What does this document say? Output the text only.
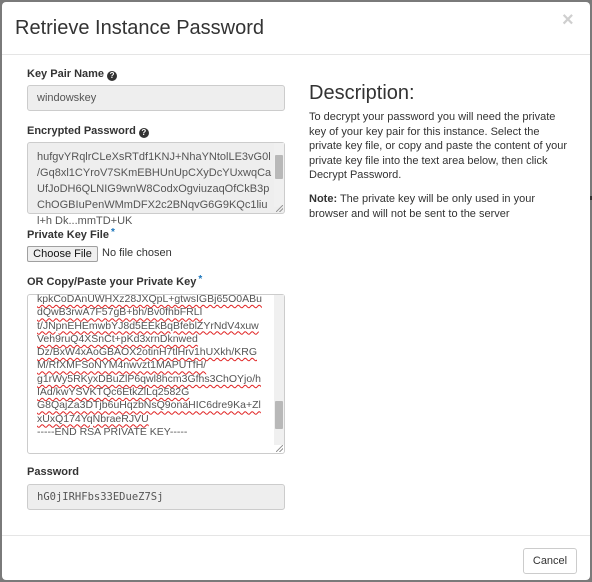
Retrieve Instance Password	×
Key Pair Name ?
windowskey
Encrypted Password ?
hufgvYRqlrCLeXsRTdf1KNJ+NhaYNtolLE3vG0l
/Gq8xl1CYroV7SKmEBHUnUpCXyDcYUxwqCa
UfJoDH6QLNIG9wnW8CodxOgviuzaqOfCkB3p
ChOGBIuPenWMmDFX2c2BNqvG6G9KQc1liu
l+h Dk...mmTD+UK
Private Key File *
Choose File No file chosen
OR Copy/Paste your Private Key *
kpkCoDAnUWHXz28JXQpL+gtwsIGBj65O0ABu
dQwB3rwA7F57gB+bh/Bv0fhbFRLI
t/JNpnEHEmwbYJ8d5EEkBqBfeblZYrNdV4xuw
Veh9ruQ4XSnCt+pKd3xrnDknwed
Dz/BxW4xAoGBAOX2otinH7tlHrv1hUXkh/KRG
M/RfXMFSoNYM4nwvzt1MAPUTfH/
g1rWy5RKyxDBuZlP6qwl8hcm3Gfhs3ChOYjo/h
IAd/kwYSVKTQc6EtkZlLq2582G
G8QajZa3DTjb6uHqzbNsQ9onaHIC6dre9Ka+Zl
xUxQ174YqNbraeRJVU
-----END RSA PRIVATE KEY-----
Password
hG0jIRHFbs33EDueZ7Sj
Description:
To decrypt your password you will need the private key of your key pair for this instance. Select the private key file, or copy and paste the content of your private key file into the text area below, then click Decrypt Password.
Note: The private key will be only used in your browser and will not be sent to the server
Cancel
